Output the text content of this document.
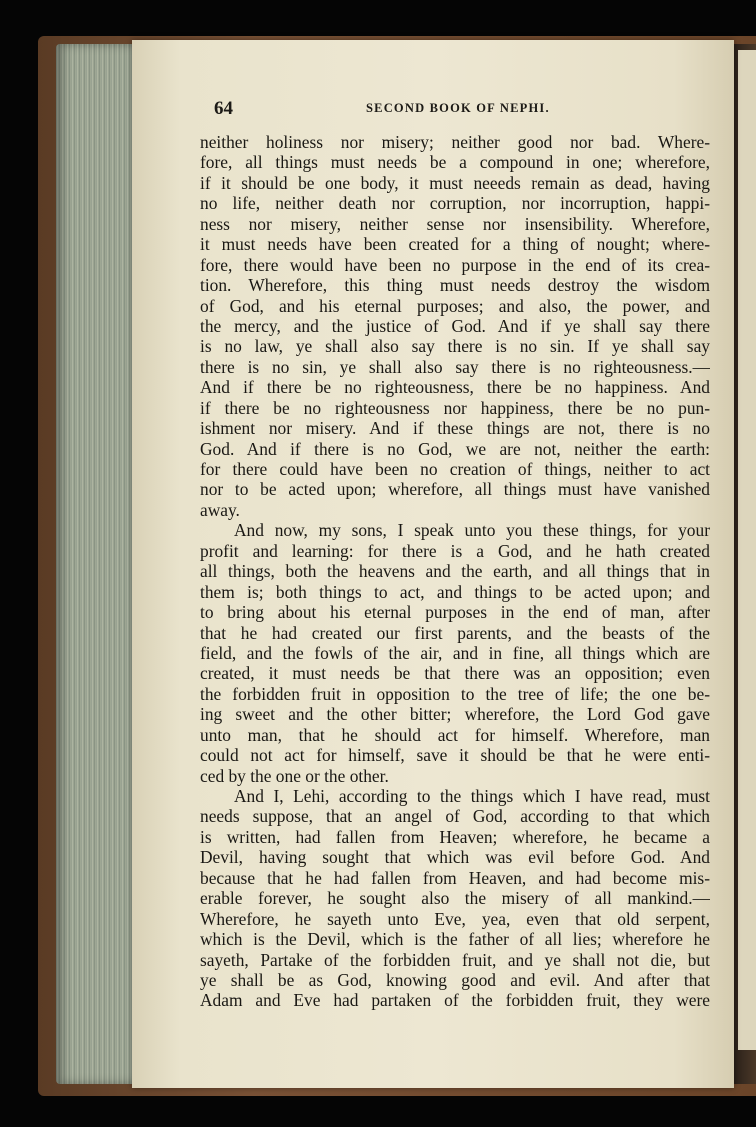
64	SECOND BOOK OF NEPHI.
neither holiness nor misery; neither good nor bad. Where-
fore, all things must needs be a compound in one; wherefore,
if it should be one body, it must neeeds remain as dead, having
no life, neither death nor corruption, nor incorruption, happi-
ness nor misery, neither sense nor insensibility. Wherefore,
it must needs have been created for a thing of nought; where-
fore, there would have been no purpose in the end of its crea-
tion. Wherefore, this thing must needs destroy the wisdom
of God, and his eternal purposes; and also, the power, and
the mercy, and the justice of God. And if ye shall say there
is no law, ye shall also say there is no sin. If ye shall say
there is no sin, ye shall also say there is no righteousness.—
And if there be no righteousness, there be no happiness. And
if there be no righteousness nor happiness, there be no pun-
ishment nor misery. And if these things are not, there is no
God. And if there is no God, we are not, neither the earth:
for there could have been no creation of things, neither to act
nor to be acted upon; wherefore, all things must have vanished
away.
And now, my sons, I speak unto you these things, for your
profit and learning: for there is a God, and he hath created
all things, both the heavens and the earth, and all things that in
them is; both things to act, and things to be acted upon; and
to bring about his eternal purposes in the end of man, after
that he had created our first parents, and the beasts of the
field, and the fowls of the air, and in fine, all things which are
created, it must needs be that there was an opposition; even
the forbidden fruit in opposition to the tree of life; the one be-
ing sweet and the other bitter; wherefore, the Lord God gave
unto man, that he should act for himself. Wherefore, man
could not act for himself, save it should be that he were enti-
ced by the one or the other.
And I, Lehi, according to the things which I have read, must
needs suppose, that an angel of God, according to that which
is written, had fallen from Heaven; wherefore, he became a
Devil, having sought that which was evil before God. And
because that he had fallen from Heaven, and had become mis-
erable forever, he sought also the misery of all mankind.—
Wherefore, he sayeth unto Eve, yea, even that old serpent,
which is the Devil, which is the father of all lies; wherefore he
sayeth, Partake of the forbidden fruit, and ye shall not die, but
ye shall be as God, knowing good and evil. And after that
Adam and Eve had partaken of the forbidden fruit, they were
